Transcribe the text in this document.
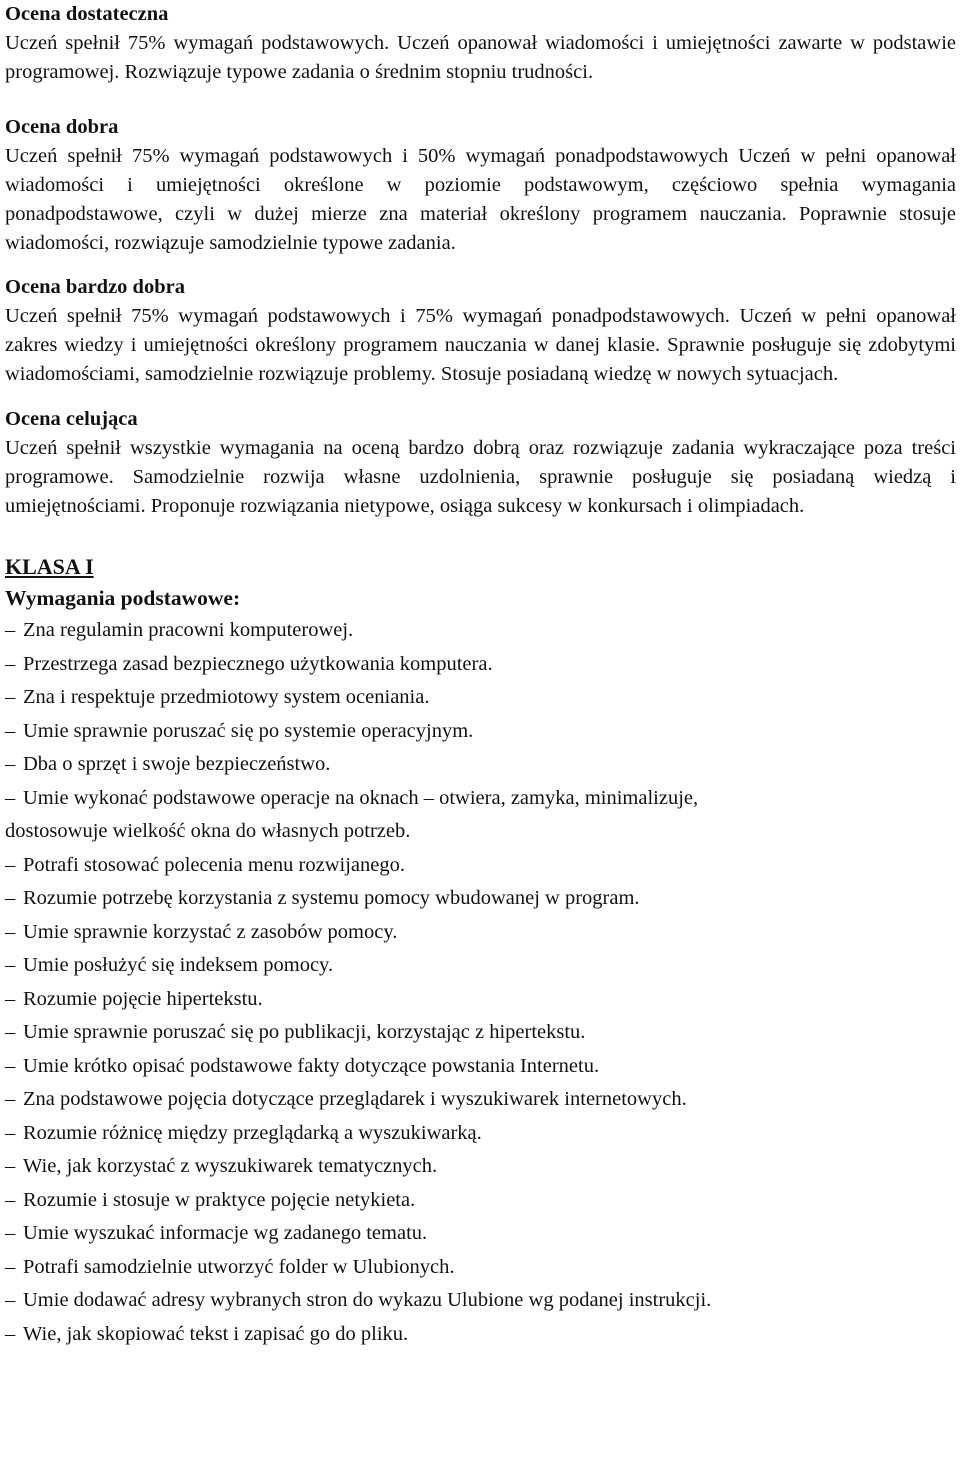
Ocena dostateczna

Uczeń spełnił 75% wymagań podstawowych. Uczeń opanował wiadomości i umiejętności zawarte w podstawie programowej. Rozwiązuje typowe zadania o średnim stopniu trudności.

Ocena dobra

Uczeń spełnił 75% wymagań podstawowych i 50% wymagań ponadpodstawowych Uczeń w pełni opanował wiadomości i umiejętności określone w poziomie podstawowym, częściowo spełnia wymagania ponadpodstawowe, czyli w dużej mierze zna materiał określony programem nauczania. Poprawnie stosuje wiadomości, rozwiązuje samodzielnie typowe zadania.

Ocena bardzo dobra

Uczeń spełnił 75% wymagań podstawowych i 75% wymagań ponadpodstawowych. Uczeń w pełni opanował zakres wiedzy i umiejętności określony programem nauczania w danej klasie. Sprawnie posługuje się zdobytymi wiadomościami, samodzielnie rozwiązuje problemy. Stosuje posiadaną wiedzę w nowych sytuacjach.

Ocena celująca

Uczeń spełnił wszystkie wymagania na oceną bardzo dobrą oraz rozwiązuje zadania wykraczające poza treści programowe. Samodzielnie rozwija własne uzdolnienia, sprawnie posługuje się posiadaną wiedzą i umiejętnościami. Proponuje rozwiązania nietypowe, osiąga sukcesy w konkursach i olimpiadach.

KLASA I
Wymagania podstawowe:
– Zna regulamin pracowni komputerowej.
– Przestrzega zasad bezpiecznego użytkowania komputera.
– Zna i respektuje przedmiotowy system oceniania.
– Umie sprawnie poruszać się po systemie operacyjnym.
– Dba o sprzęt i swoje bezpieczeństwo.
– Umie wykonać podstawowe operacje na oknach – otwiera, zamyka, minimalizuje,
dostosowuje wielkość okna do własnych potrzeb.
– Potrafi stosować polecenia menu rozwijanego.
– Rozumie potrzebę korzystania z systemu pomocy wbudowanej w program.
– Umie sprawnie korzystać z zasobów pomocy.
– Umie posłużyć się indeksem pomocy.
– Rozumie pojęcie hipertekstu.
– Umie sprawnie poruszać się po publikacji, korzystając z hipertekstu.
– Umie krótko opisać podstawowe fakty dotyczące powstania Internetu.
– Zna podstawowe pojęcia dotyczące przeglądarek i wyszukiwarek internetowych.
– Rozumie różnicę między przeglądarką a wyszukiwarką.
– Wie, jak korzystać z wyszukiwarek tematycznych.
– Rozumie i stosuje w praktyce pojęcie netykieta.
– Umie wyszukać informacje wg zadanego tematu.
– Potrafi samodzielnie utworzyć folder w Ulubionych.
– Umie dodawać adresy wybranych stron do wykazu Ulubione wg podanej instrukcji.
– Wie, jak skopiować tekst i zapisać go do pliku.
